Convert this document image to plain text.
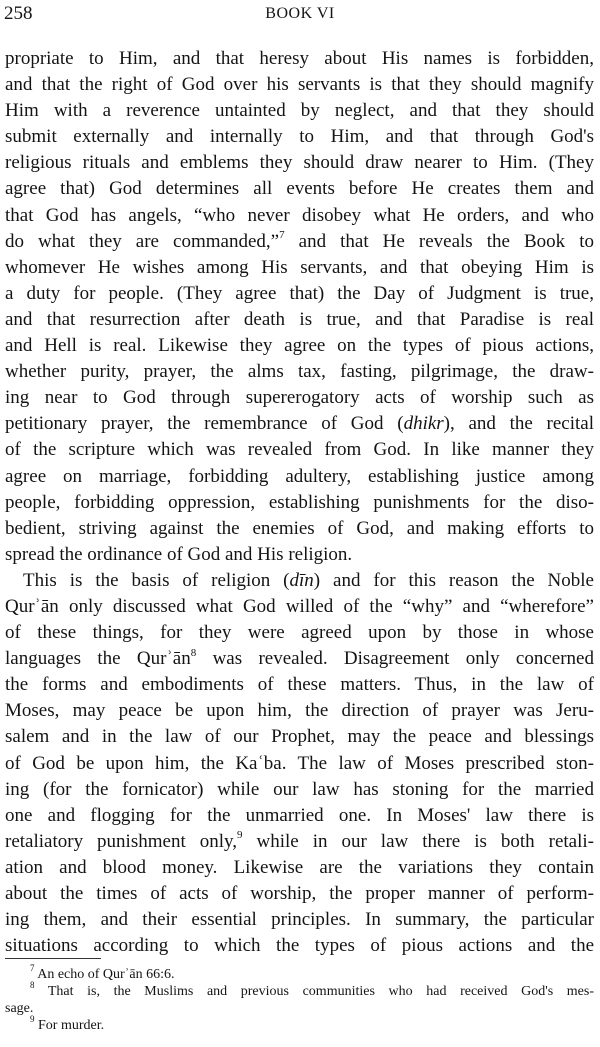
258	BOOK VI
propriate to Him, and that heresy about His names is forbidden,
and that the right of God over his servants is that they should magnify
Him with a reverence untainted by neglect, and that they should
submit externally and internally to Him, and that through God's
religious rituals and emblems they should draw nearer to Him. (They
agree that) God determines all events before He creates them and
that God has angels, “who never disobey what He orders, and who
do what they are commanded,”$^7$ and that He reveals the Book to
whomever He wishes among His servants, and that obeying Him is
a duty for people. (They agree that) the Day of Judgment is true,
and that resurrection after death is true, and that Paradise is real
and Hell is real. Likewise they agree on the types of pious actions,
whether purity, prayer, the alms tax, fasting, pilgrimage, the draw-
ing near to God through supererogatory acts of worship such as
petitionary prayer, the remembrance of God (dhikr), and the recital
of the scripture which was revealed from God. In like manner they
agree on marriage, forbidding adultery, establishing justice among
people, forbidding oppression, establishing punishments for the diso-
bedient, striving against the enemies of God, and making efforts to
spread the ordinance of God and His religion.
This is the basis of religion (dīn) and for this reason the Noble
Qurʾān only discussed what God willed of the “why” and “wherefore”
of these things, for they were agreed upon by those in whose
languages the Qurʾān$^8$ was revealed. Disagreement only concerned
the forms and embodiments of these matters. Thus, in the law of
Moses, may peace be upon him, the direction of prayer was Jeru-
salem and in the law of our Prophet, may the peace and blessings
of God be upon him, the Kaʿba. The law of Moses prescribed ston-
ing (for the fornicator) while our law has stoning for the married
one and flogging for the unmarried one. In Moses' law there is
retaliatory punishment only,$^9$ while in our law there is both retali-
ation and blood money. Likewise are the variations they contain
about the times of acts of worship, the proper manner of perform-
ing them, and their essential principles. In summary, the particular
situations according to which the types of pious actions and the
$^7$ An echo of Qurʾān 66:6.
$^8$ That is, the Muslims and previous communities who had received God's mes-
sage.
$^9$ For murder.
